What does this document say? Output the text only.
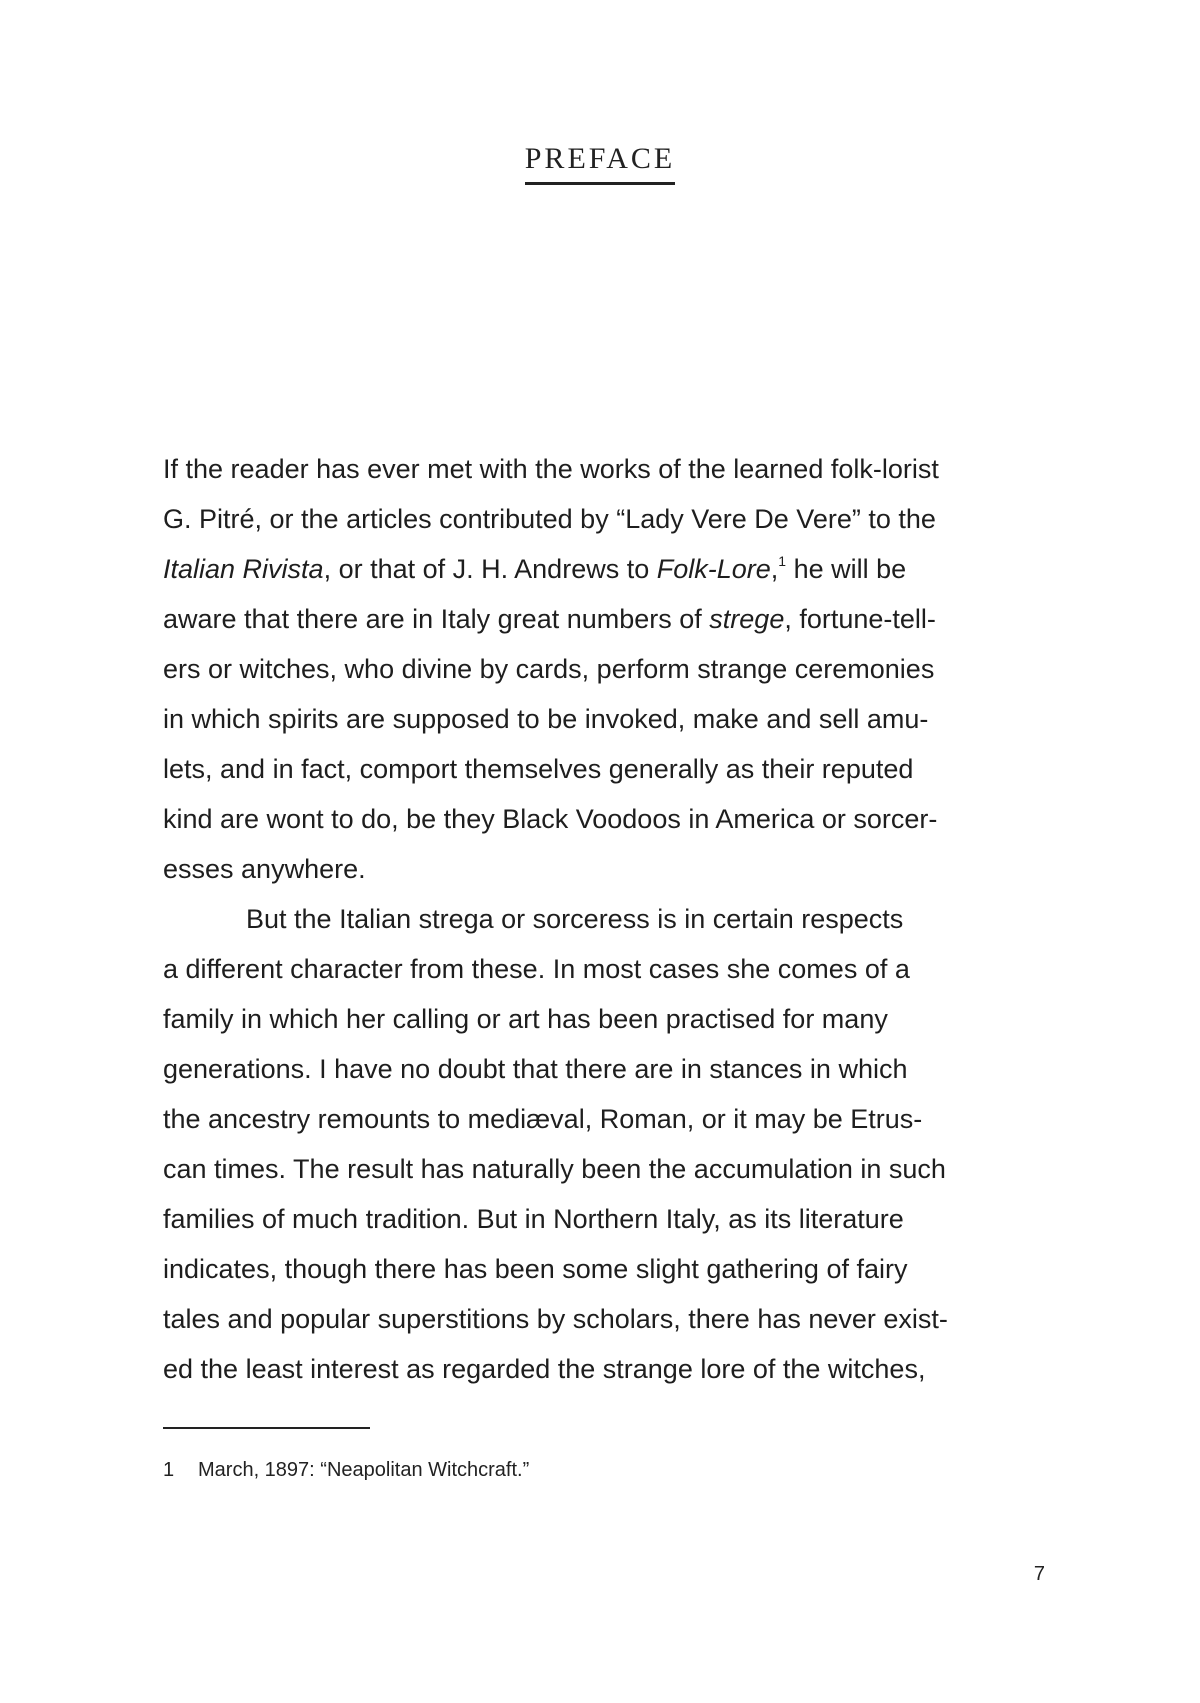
PREFACE
If the reader has ever met with the works of the learned folk-lorist
G. Pitré, or the articles contributed by “Lady Vere De Vere” to the
Italian Rivista, or that of J. H. Andrews to Folk-Lore,$^1$ he will be
aware that there are in Italy great numbers of strege, fortune-tell-
ers or witches, who divine by cards, perform strange ceremonies
in which spirits are supposed to be invoked, make and sell amu-
lets, and in fact, comport themselves generally as their reputed
kind are wont to do, be they Black Voodoos in America or sorcer-
esses anywhere.
But the Italian strega or sorceress is in certain respects
a different character from these. In most cases she comes of a
family in which her calling or art has been practised for many
generations. I have no doubt that there are in stances in which
the ancestry remounts to mediæval, Roman, or it may be Etrus-
can times. The result has naturally been the accumulation in such
families of much tradition. But in Northern Italy, as its literature
indicates, though there has been some slight gathering of fairy
tales and popular superstitions by scholars, there has never exist-
ed the least interest as regarded the strange lore of the witches,
1 March, 1897: “Neapolitan Witchcraft.”
7
